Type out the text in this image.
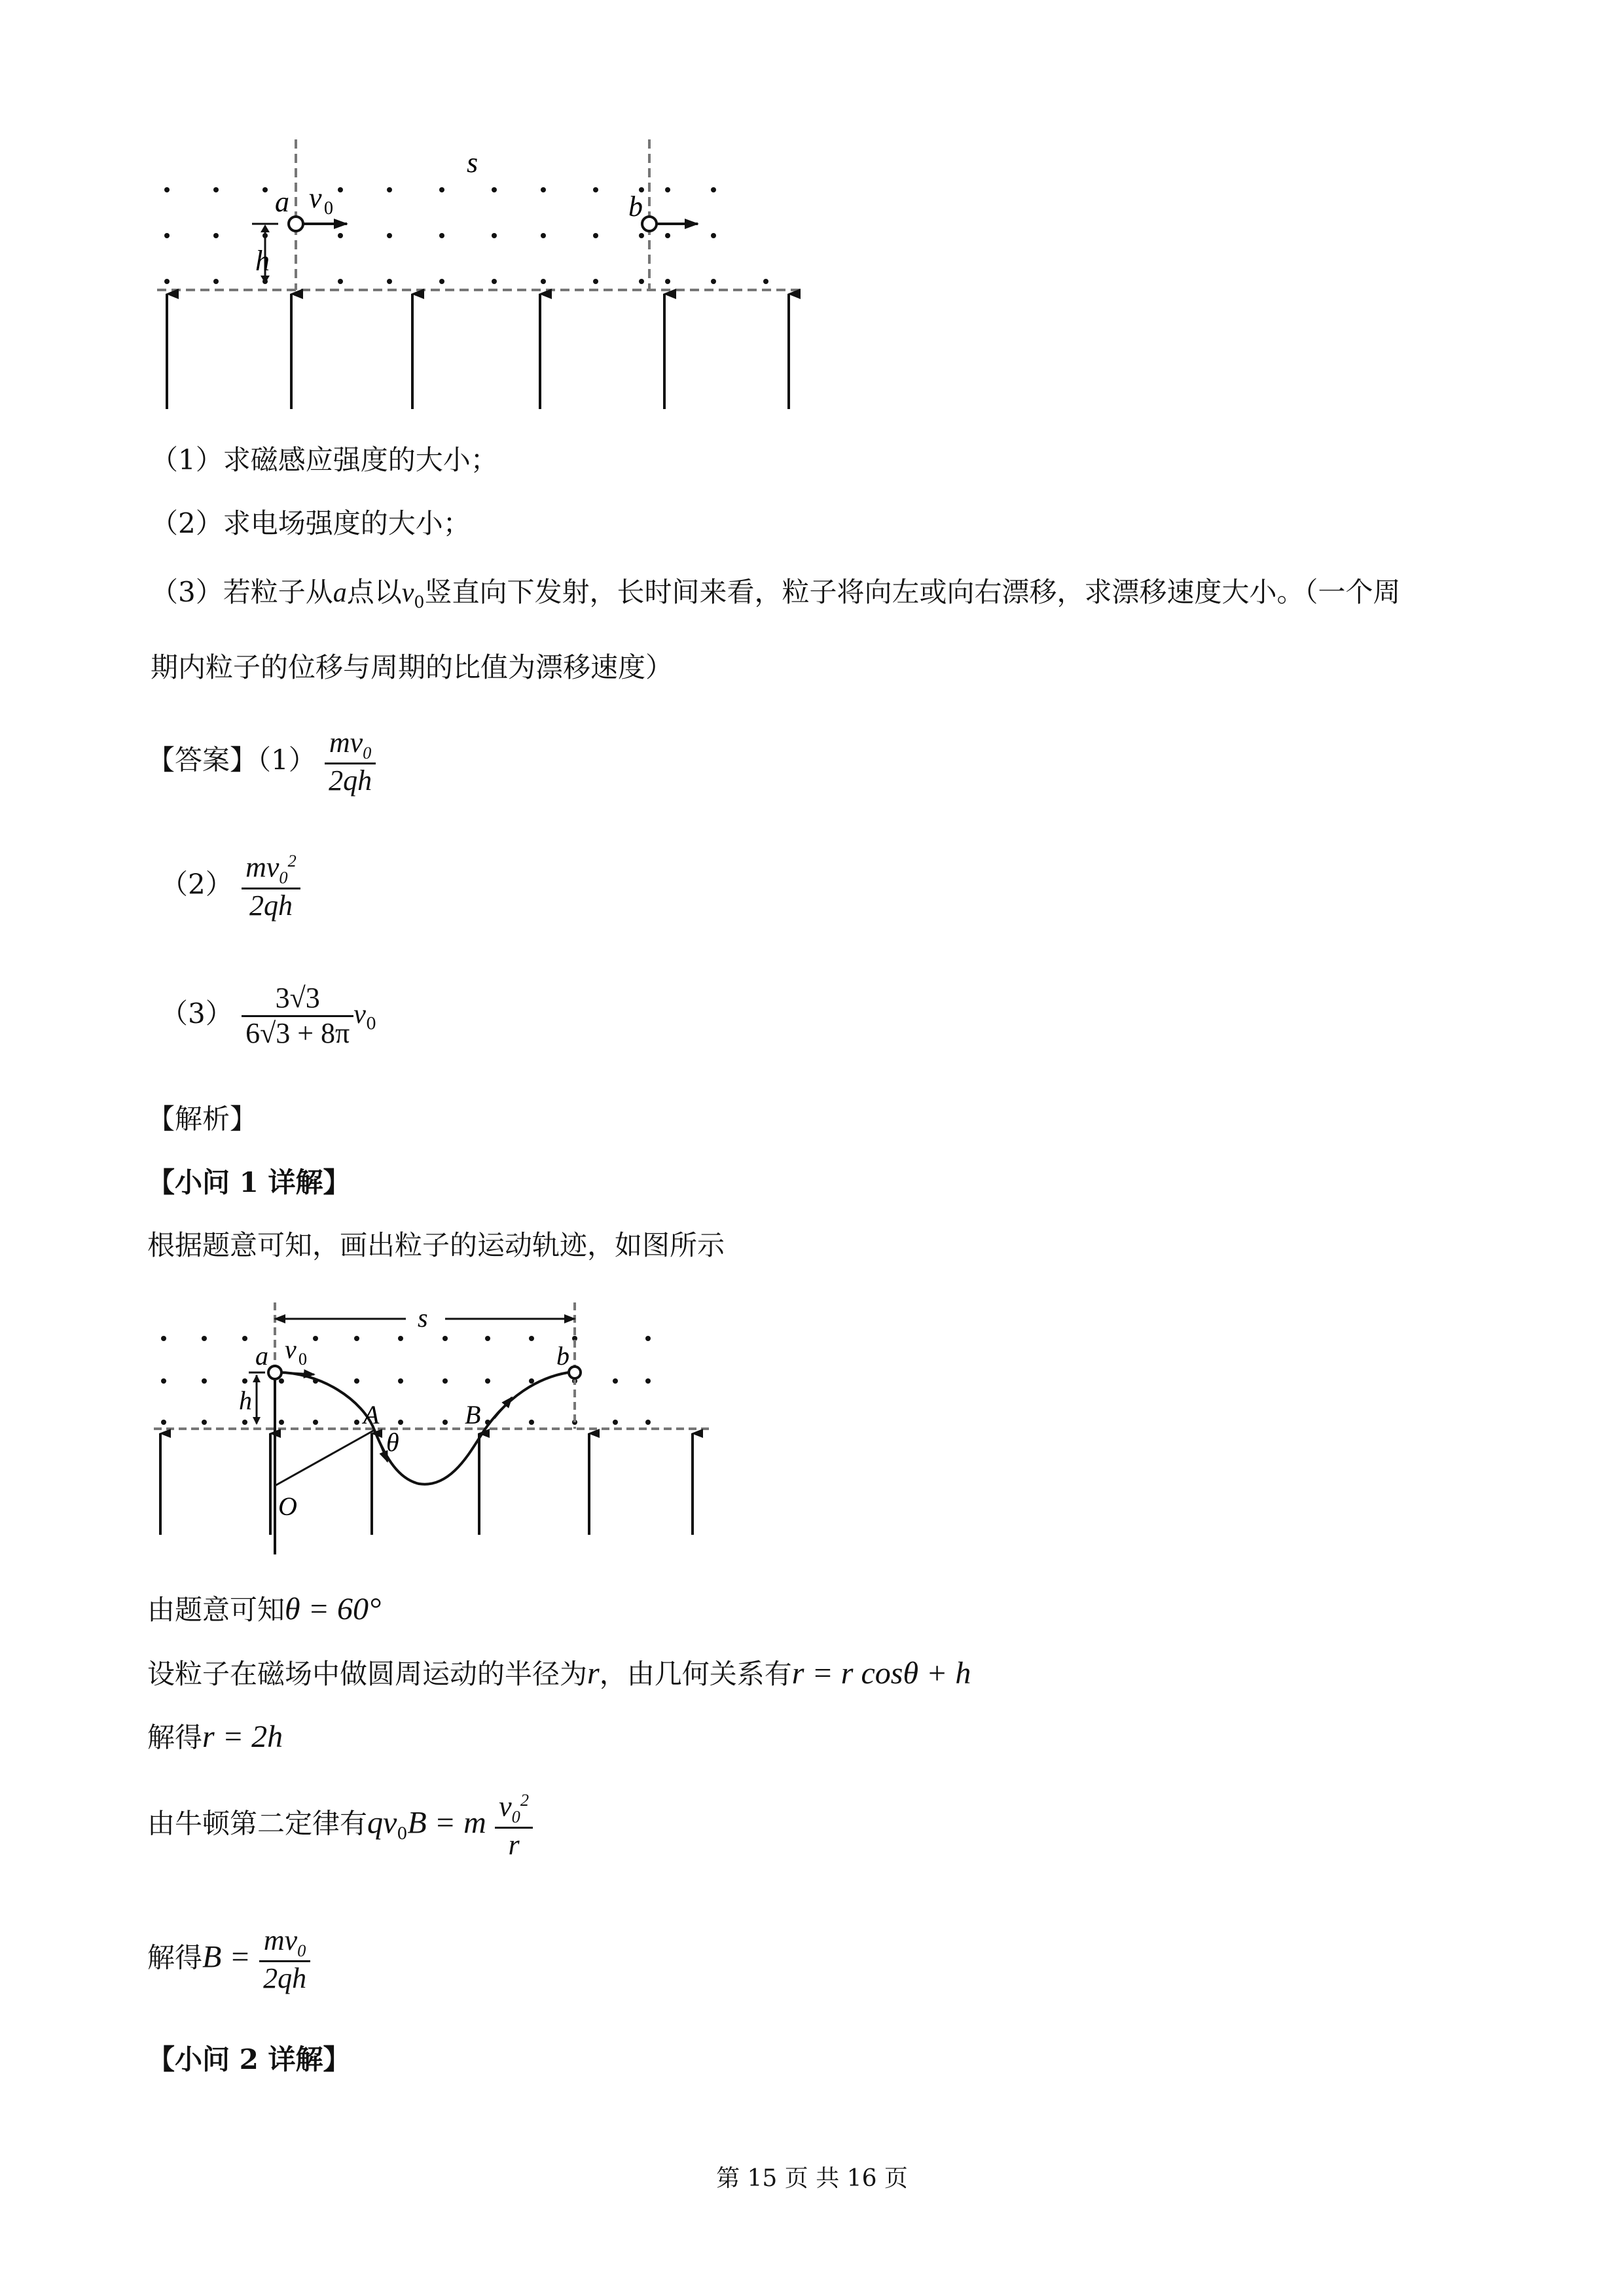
s
a v 0	b
h
（1）求磁感应强度的大小；
（2）求电场强度的大小；
（3）若粒子从a点以$v_0$竖直向下发射，长时间来看，粒子将向左或向右漂移，求漂移速度大小。（一个周
期内粒子的位移与周期的比值为漂移速度）
【答案】$(1) \frac{mv_0}{2qh}$
$(2) \frac{mv_0^2}{2qh}$
$(3) \frac{3√3}{6√3 + 8\pi} v_0$
【解析】
【小问 1 详解】
根据题意可知，画出粒子的运动轨迹，如图所示
s
a v 0	b
h	A	B
θ
O
由题意可知θ = 60°
设粒子在磁场中做圆周运动的半径为r，由几何关系有r = r cosθ + h
解得r = 2h
由牛顿第二定律有$qv_0B = m \frac{v_0^2}{r}$
解得$B = \frac{mv_0}{2qh}$
【小问 2 详解】
第 15 页 共 16 页
